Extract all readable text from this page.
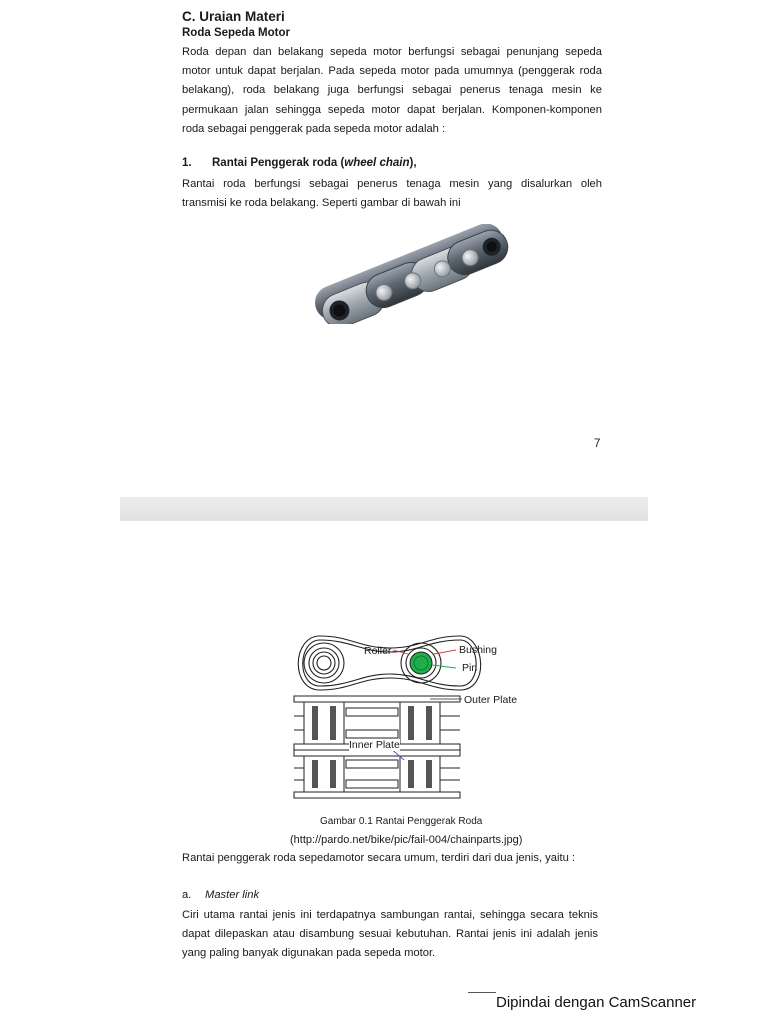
C. Uraian Materi
Roda Sepeda Motor
Roda depan dan belakang sepeda motor berfungsi sebagai penunjang sepeda
motor untuk dapat berjalan. Pada sepeda motor pada umumnya (penggerak roda
belakang), roda belakang juga berfungsi sebagai penerus tenaga mesin ke
permukaan jalan sehingga sepeda motor dapat berjalan. Komponen-komponen
roda sebagai penggerak pada sepeda motor adalah :
1. Rantai Penggerak roda (wheel chain),
Rantai roda berfungsi sebagai penerus tenaga mesin yang disalurkan oleh
transmisi ke roda belakang. Seperti gambar di bawah ini
7
Roller	Bushing
Pin
Outer Plate
Inner Plate
Gambar 0.1 Rantai Penggerak Roda
(http://pardo.net/bike/pic/fail-004/chainparts.jpg)
Rantai penggerak roda sepedamotor secara umum, terdiri dari dua jenis, yaitu :
a. Master link
Ciri utama rantai jenis ini terdapatnya sambungan rantai, sehingga secara teknis
dapat dilepaskan atau disambung sesuai kebutuhan. Rantai jenis ini adalah jenis
yang paling banyak digunakan pada sepeda motor.
Dipindai dengan CamScanner
